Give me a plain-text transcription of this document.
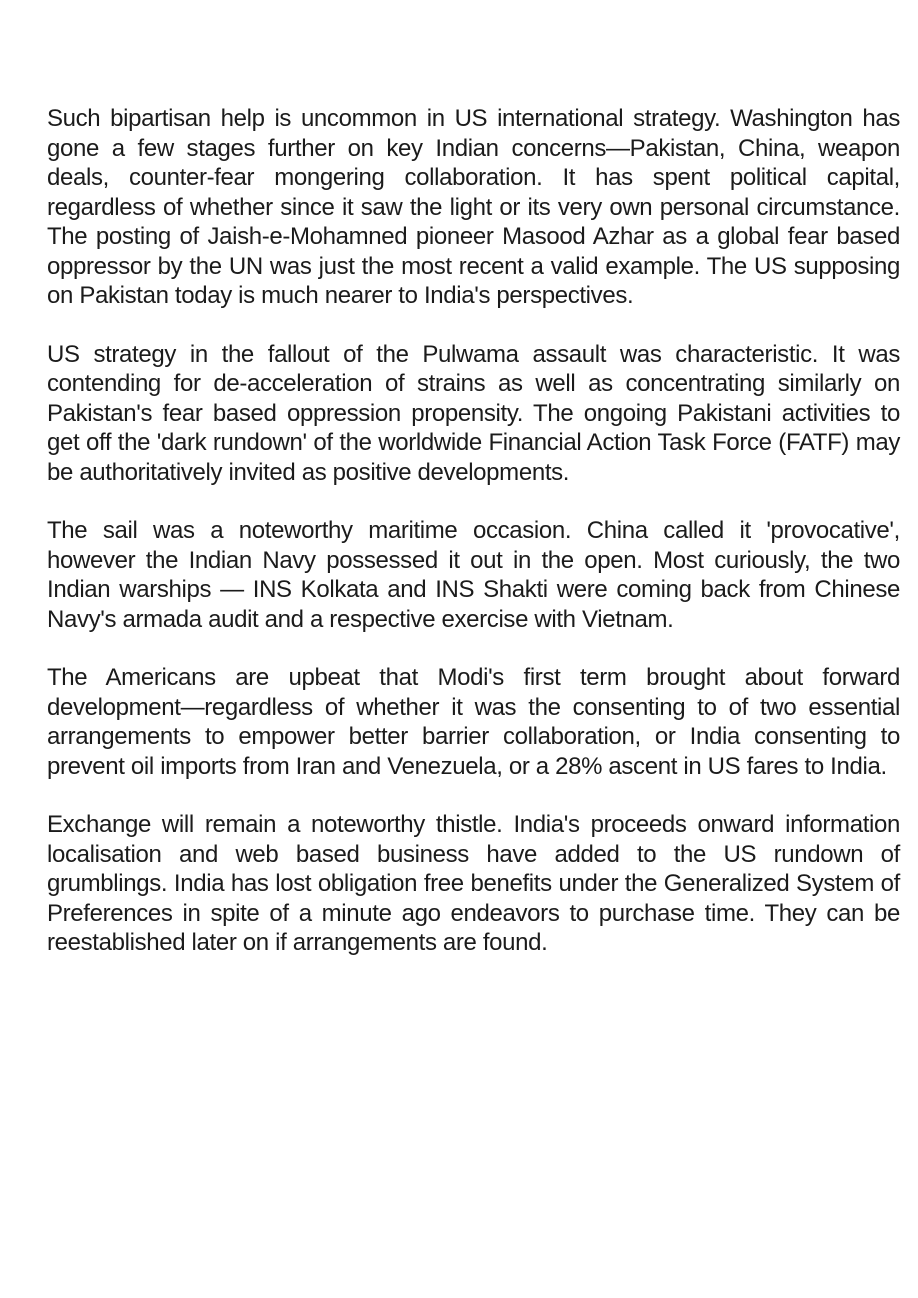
Such bipartisan help is uncommon in US international strategy. Washington has gone a few stages further on key Indian concerns—Pakistan, China, weapon deals, counter-fear mongering collaboration. It has spent political capital, regardless of whether since it saw the light or its very own personal circumstance. The posting of Jaish-e-Mohamned pioneer Masood Azhar as a global fear based oppressor by the UN was just the most recent a valid example. The US supposing on Pakistan today is much nearer to India's perspectives.

US strategy in the fallout of the Pulwama assault was characteristic. It was contending for de-acceleration of strains as well as concentrating similarly on Pakistan's fear based oppression propensity. The ongoing Pakistani activities to get off the 'dark rundown' of the worldwide Financial Action Task Force (FATF) may be authoritatively invited as positive developments.

The sail was a noteworthy maritime occasion. China called it 'provocative', however the Indian Navy possessed it out in the open. Most curiously, the two Indian warships — INS Kolkata and INS Shakti were coming back from Chinese Navy's armada audit and a respective exercise with Vietnam.

The Americans are upbeat that Modi's first term brought about forward development—regardless of whether it was the consenting to of two essential arrangements to empower better barrier collaboration, or India consenting to prevent oil imports from Iran and Venezuela, or a 28% ascent in US fares to India.

Exchange will remain a noteworthy thistle. India's proceeds onward information localisation and web based business have added to the US rundown of grumblings. India has lost obligation free benefits under the Generalized System of Preferences in spite of a minute ago endeavors to purchase time. They can be reestablished later on if arrangements are found.
